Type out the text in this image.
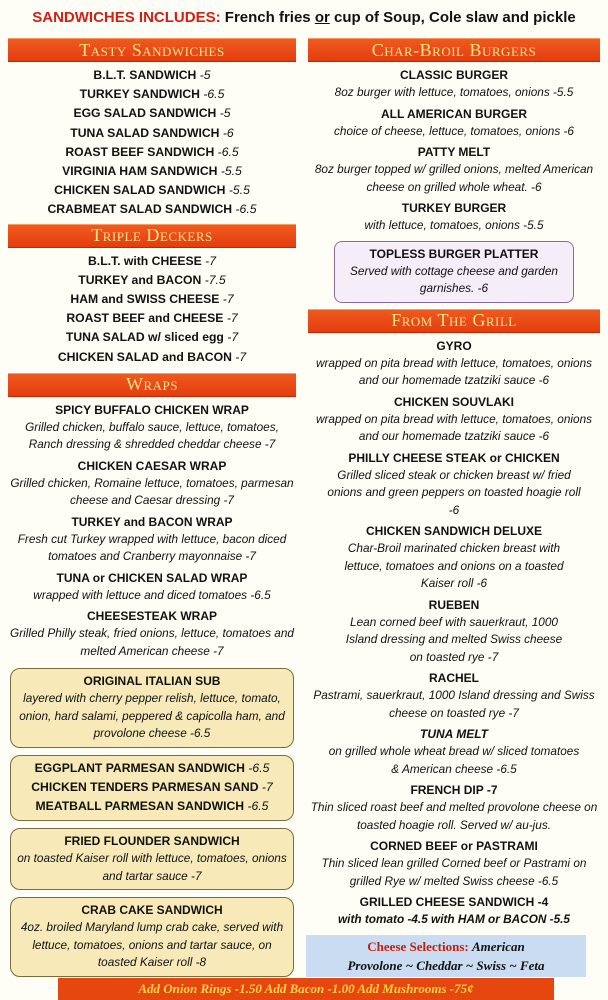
SANDWICHES INCLUDES:
French fries
or
cup of Soup, Cole slaw and pickle
Tasty Sandwiches
B.L.T. SANDWICH -5
TURKEY SANDWICH -6.5
EGG SALAD SANDWICH -5
TUNA SALAD SANDWICH -6
ROAST BEEF SANDWICH -6.5
VIRGINIA HAM SANDWICH -5.5
CHICKEN SALAD SANDWICH -5.5
CRABMEAT SALAD SANDWICH -6.5
Triple Deckers
B.L.T. with CHEESE -7
TURKEY and BACON -7.5
HAM and SWISS CHEESE -7
ROAST BEEF and CHEESE -7
TUNA SALAD w/ sliced egg -7
CHICKEN SALAD and BACON -7
Wraps
SPICY BUFFALO CHICKEN WRAP
Grilled chicken, buffalo sauce, lettuce, tomatoes, Ranch dressing & shredded cheddar cheese -7
CHICKEN CAESAR WRAP
Grilled chicken, Romaine lettuce, tomatoes, parmesan cheese and Caesar dressing -7
TURKEY and BACON WRAP
Fresh cut Turkey wrapped with lettuce, bacon diced tomatoes and Cranberry mayonnaise -7
TUNA or CHICKEN SALAD WRAP
wrapped with lettuce and diced tomatoes -6.5
CHEESESTEAK WRAP
Grilled Philly steak, fried onions, lettuce, tomatoes and melted American cheese -7
ORIGINAL ITALIAN SUB
layered with cherry pepper relish, lettuce, tomato, onion, hard salami, peppered & capicolla ham, and provolone cheese -6.5
EGGPLANT PARMESAN SANDWICH -6.5
CHICKEN TENDERS PARMESAN SAND -7
MEATBALL PARMESAN SANDWICH -6.5
FRIED FLOUNDER SANDWICH
on toasted Kaiser roll with lettuce, tomatoes, onions and tartar sauce -7
CRAB CAKE SANDWICH
4oz. broiled Maryland lump crab cake, served with lettuce, tomatoes, onions and tartar sauce, on toasted Kaiser roll -8
Char-Broil Burgers
CLASSIC BURGER
8oz burger with lettuce, tomatoes, onions -5.5
ALL AMERICAN BURGER
choice of cheese, lettuce, tomatoes, onions -6
PATTY MELT
8oz burger topped w/ grilled onions, melted American cheese on grilled whole wheat. -6
TURKEY BURGER
with lettuce, tomatoes, onions -5.5
TOPLESS BURGER PLATTER
Served with cottage cheese and garden garnishes. -6
From The Grill
GYRO
wrapped on pita bread with lettuce, tomatoes, onions and our homemade tzatziki sauce -6
CHICKEN SOUVLAKI
wrapped on pita bread with lettuce, tomatoes, onions and our homemade tzatziki sauce -6
PHILLY CHEESE STEAK or CHICKEN
Grilled sliced steak or chicken breast w/ fried onions and green peppers on toasted hoagie roll -6
CHICKEN SANDWICH DELUXE
Char-Broil marinated chicken breast with lettuce, tomatoes and onions on a toasted Kaiser roll -6
RUEBEN
Lean corned beef with sauerkraut, 1000 Island dressing and melted Swiss cheese on toasted rye -7
RACHEL
Pastrami, sauerkraut, 1000 Island dressing and Swiss cheese on toasted rye -7
TUNA MELT
on grilled whole wheat bread w/ sliced tomatoes & American cheese -6.5
FRENCH DIP -7
Thin sliced roast beef and melted provolone cheese on toasted hoagie roll. Served w/ au-jus.
CORNED BEEF or PASTRAMI
Thin sliced lean grilled Corned beef or Pastrami on grilled Rye w/ melted Swiss cheese -6.5
GRILLED CHEESE SANDWICH -4
with tomato -4.5 with HAM or BACON -5.5
Cheese Selections: American
Provolone ~ Cheddar ~ Swiss ~ Feta
Add Onion Rings -1.50 Add Bacon -1.00 Add Mushrooms -75¢
